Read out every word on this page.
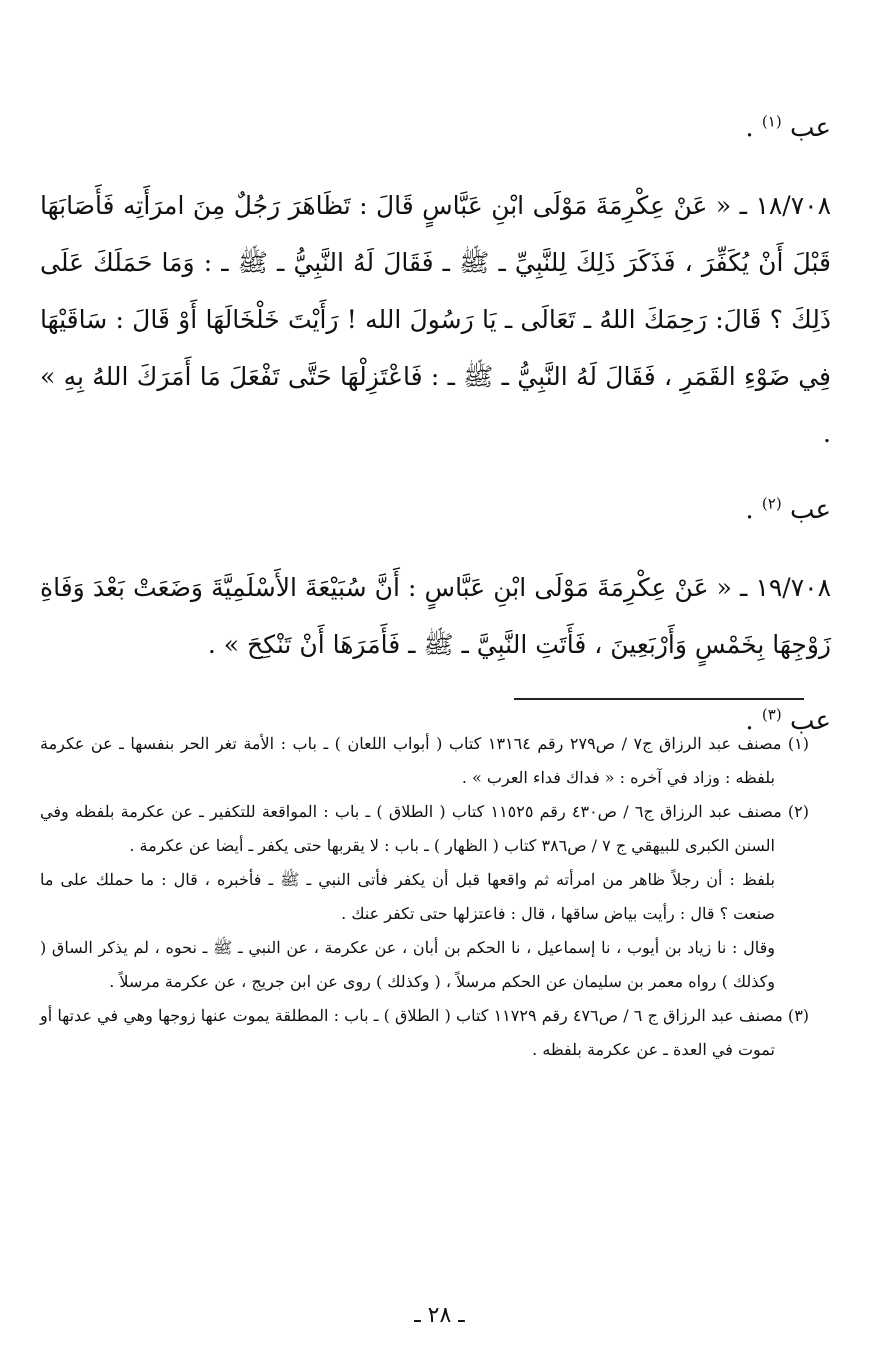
عب $^{(١)}$ .

١٨/٧٠٨ ـ « عَنْ عِكْرِمَةَ مَوْلَى ابْنِ عَبَّاسٍ قَالَ : تَظَاهَرَ رَجُلٌ مِنَ امرَأَتِه فَأَصَابَهَا قَبْلَ أَنْ يُكَفِّرَ ، فَذَكَرَ ذَلِكَ لِلنَّبِيِّ ـ ﷺ ـ فَقَالَ لَهُ النَّبِيُّ ـ ﷺ ـ : وَمَا حَمَلَكَ عَلَى ذَلِكَ ؟ قَالَ: رَحِمَكَ اللهُ ـ تَعَالَى ـ يَا رَسُولَ الله ! رَأَيْتَ خَلْخَالَهَا أَوْ قَالَ : سَاقَيْهَا فِي ضَوْءِ القَمَرِ ، فَقَالَ لَهُ النَّبِيُّ ـ ﷺ ـ : فَاعْتَزِلْهَا حَتَّى تَفْعَلَ مَا أَمَرَكَ اللهُ بِهِ » .

عب $^{(٢)}$ .

١٩/٧٠٨ ـ « عَنْ عِكْرِمَةَ مَوْلَى ابْنِ عَبَّاسٍ : أَنَّ سُبَيْعَةَ الأَسْلَمِيَّةَ وَضَعَتْ بَعْدَ وَفَاةِ زَوْجِهَا بِخَمْسٍ وَأَرْبَعِينَ ، فَأَتَتِ النَّبِيَّ ـ ﷺ ـ فَأَمَرَهَا أَنْ تَنْكِحَ » .

عب $^{(٣)}$ .

(١) مصنف عبد الرزاق ج٧ / ص٢٧٩ رقم ١٣١٦٤ كتاب ( أبواب اللعان ) ـ باب : الأمة تغر الحر بنفسها ـ عن عكرمة بلفظه : وزاد في آخره : « فداك فداء العرب » .

(٢) مصنف عبد الرزاق ج٦ / ص٤٣٠ رقم ١١٥٢٥ كتاب ( الطلاق ) ـ باب : المواقعة للتكفير ـ عن عكرمة بلفظه وفي السنن الكبرى للبيهقي ج ٧ / ص٣٨٦ كتاب ( الظهار ) ـ باب : لا يقربها حتى يكفر ـ أيضا عن عكرمة .

بلفظ : أن رجلاً ظاهر من امرأته ثم واقعها قبل أن يكفر فأتى النبي ـ ﷺ ـ فأخبره ، قال : ما حملك على ما صنعت ؟ قال : رأيت بياض ساقها ، قال : فاعتزلها حتى تكفر عنك .

وقال : نا زياد بن أيوب ، نا إسماعيل ، نا الحكم بن أبان ، عن عكرمة ، عن النبي ـ ﷺ ـ نحوه ، لم يذكر الساق ( وكذلك ) رواه معمر بن سليمان عن الحكم مرسلاً ، ( وكذلك ) روى عن ابن جريج ، عن عكرمة مرسلاً .

(٣) مصنف عبد الرزاق ج ٦ / ص٤٧٦ رقم ١١٧٢٩ كتاب ( الطلاق ) ـ باب : المطلقة يموت عنها زوجها وهي في عدتها أو تموت في العدة ـ عن عكرمة بلفظه .

ـ ٢٨ ـ
